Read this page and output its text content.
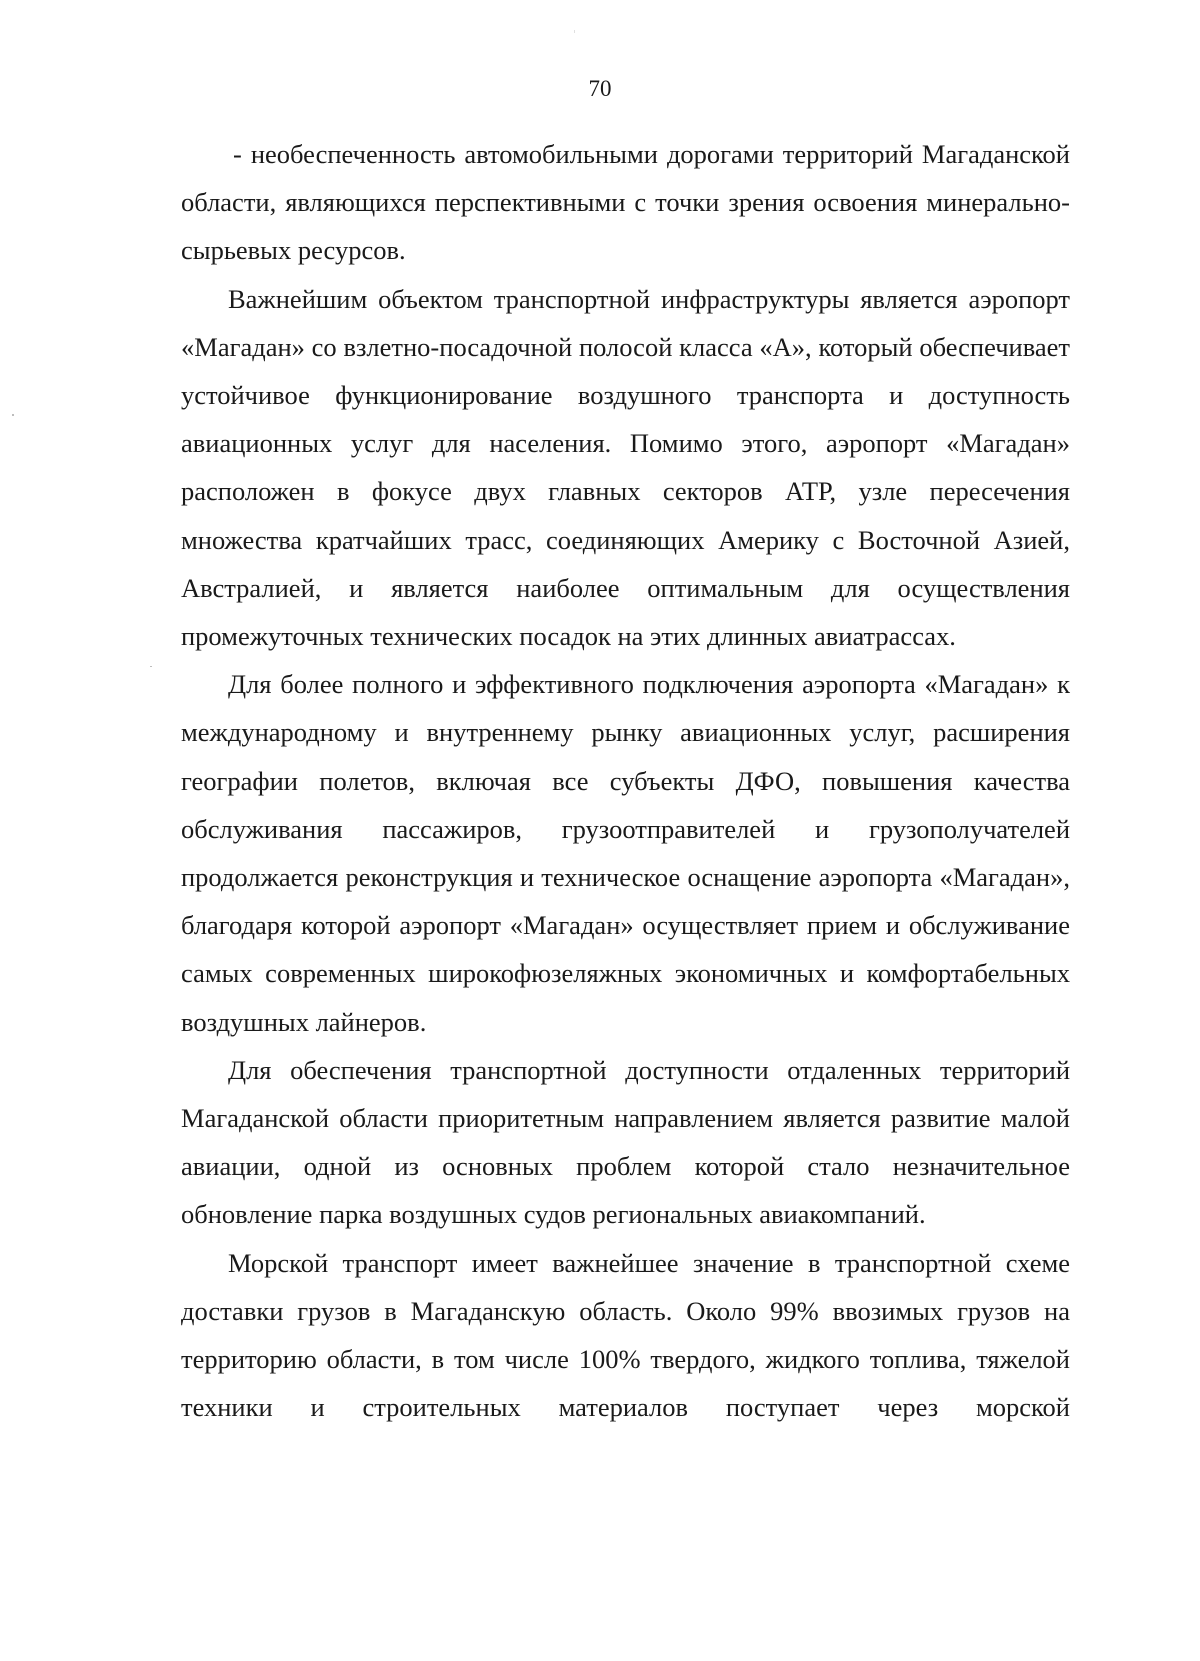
70

- необеспеченность автомобильными дорогами территорий Магаданской области, являющихся перспективными с точки зрения освоения минерально-сырьевых ресурсов.

Важнейшим объектом транспортной инфраструктуры является аэропорт «Магадан» со взлетно-посадочной полосой класса «А», который обеспечивает устойчивое функционирование воздушного транспорта и доступность авиационных услуг для населения. Помимо этого, аэропорт «Магадан» расположен в фокусе двух главных секторов АТР, узле пересечения множества кратчайших трасс, соединяющих Америку с Восточной Азией, Австралией, и является наиболее оптимальным для осуществления промежуточных технических посадок на этих длинных авиатрассах.

Для более полного и эффективного подключения аэропорта «Магадан» к международному и внутреннему рынку авиационных услуг, расширения географии полетов, включая все субъекты ДФО, повышения качества обслуживания пассажиров, грузоотправителей и грузополучателей продолжается реконструкция и техническое оснащение аэропорта «Магадан», благодаря которой аэропорт «Магадан» осуществляет прием и обслуживание самых современных широкофюзеляжных экономичных и комфортабельных воздушных лайнеров.

Для обеспечения транспортной доступности отдаленных территорий Магаданской области приоритетным направлением является развитие малой авиации, одной из основных проблем которой стало незначительное обновление парка воздушных судов региональных авиакомпаний.

Морской транспорт имеет важнейшее значение в транспортной схеме доставки грузов в Магаданскую область. Около 99% ввозимых грузов на территорию области, в том числе 100% твердого, жидкого топлива, тяжелой техники и строительных материалов поступает через морской
